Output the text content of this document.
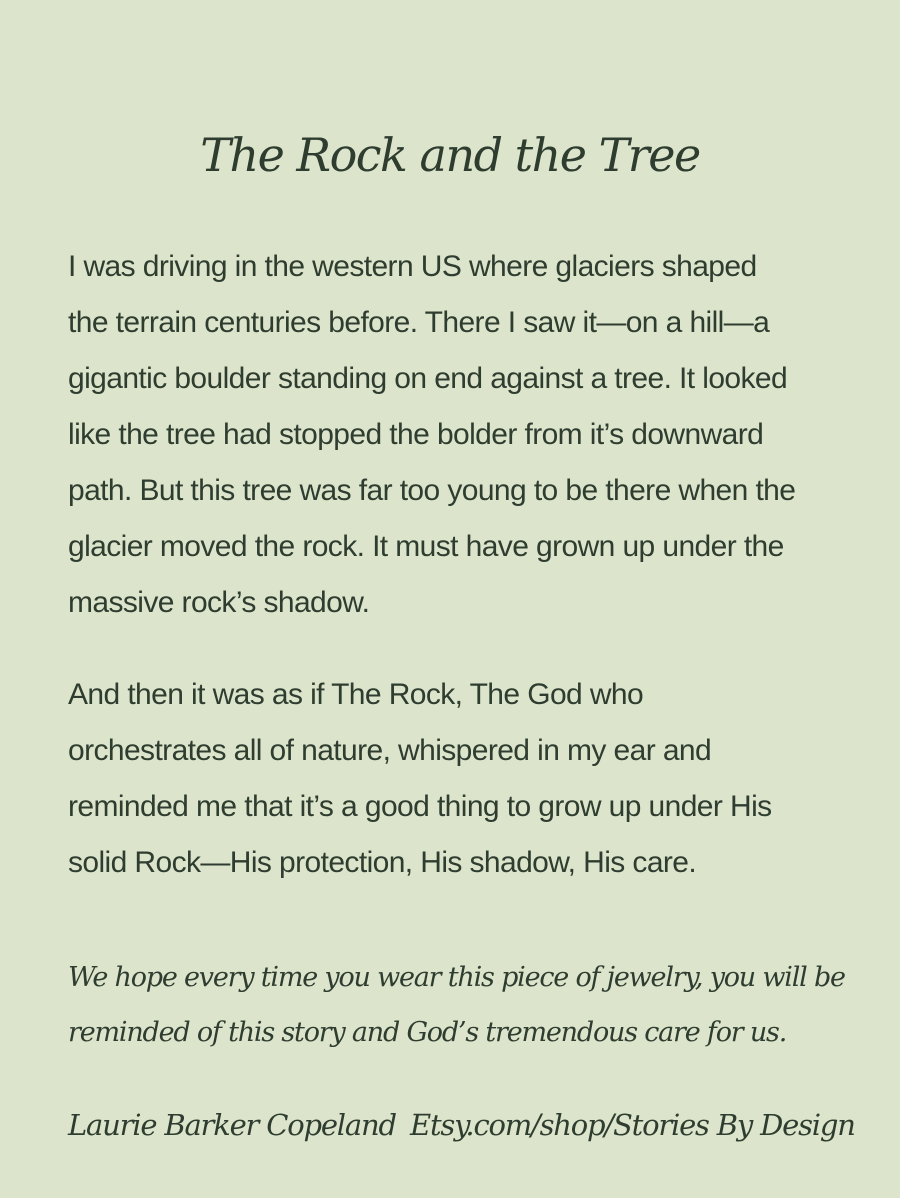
The Rock and the Tree
I was driving in the western US where glaciers shaped
the terrain centuries before. There I saw it—on a hill—a
gigantic boulder standing on end against a tree. It looked
like the tree had stopped the bolder from it’s downward
path. But this tree was far too young to be there when the
glacier moved the rock. It must have grown up under the
massive rock’s shadow.
And then it was as if The Rock, The God who
orchestrates all of nature, whispered in my ear and
reminded me that it’s a good thing to grow up under His
solid Rock—His protection, His shadow, His care.
We hope every time you wear this piece of jewelry, you will be
reminded of this story and God’s tremendous care for us.
Laurie Barker Copeland Etsy.com/shop/Stories By Design
